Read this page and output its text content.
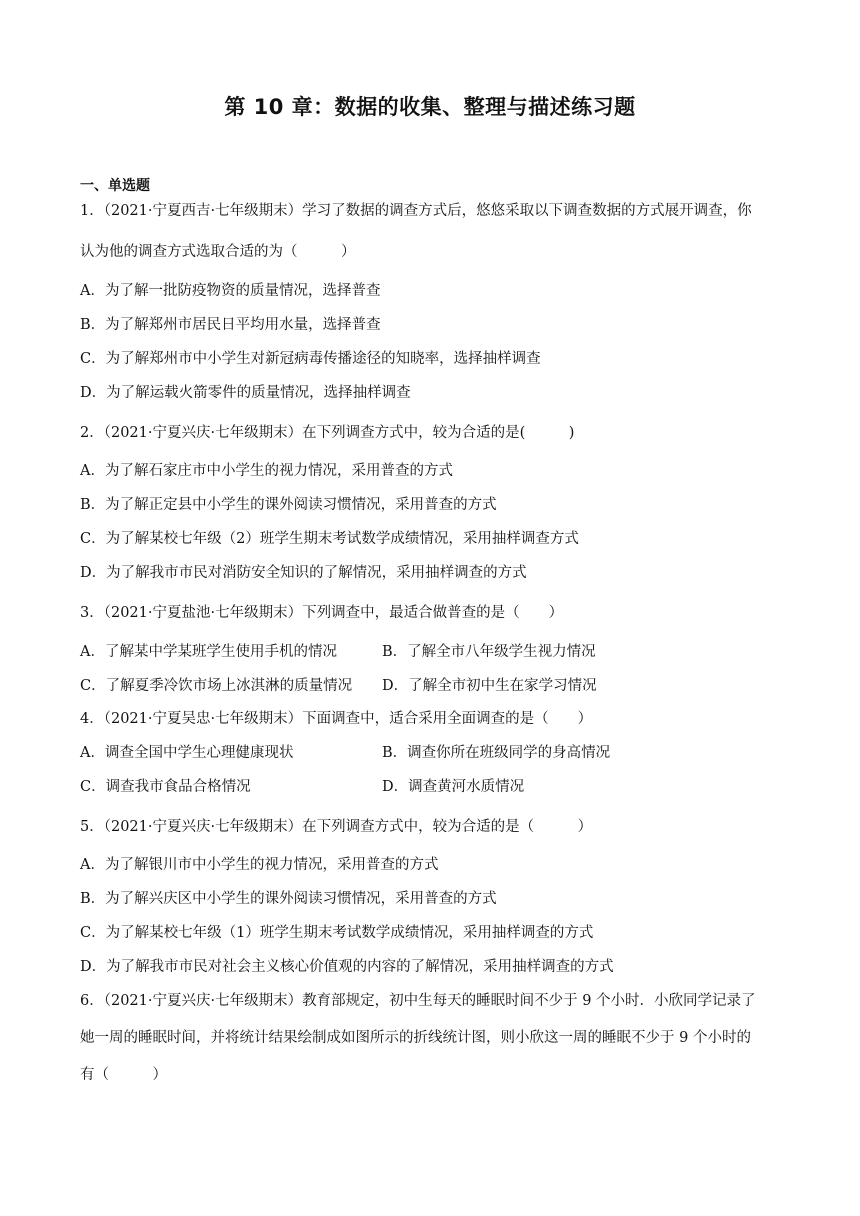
第 10 章：数据的收集、整理与描述练习题
一、单选题
1．（2021·宁夏西吉·七年级期末）学习了数据的调查方式后，悠悠采取以下调查数据的方式展开调查，你
认为他的调查方式选取合适的为（　　　）
A．为了解一批防疫物资的质量情况，选择普查
B．为了解郑州市居民日平均用水量，选择普查
C．为了解郑州市中小学生对新冠病毒传播途径的知晓率，选择抽样调查
D．为了解运载火箭零件的质量情况，选择抽样调查
2．（2021·宁夏兴庆·七年级期末）在下列调查方式中，较为合适的是(　　　)
A．为了解石家庄市中小学生的视力情况，采用普查的方式
B．为了解正定县中小学生的课外阅读习惯情况，采用普查的方式
C．为了解某校七年级（2）班学生期末考试数学成绩情况，采用抽样调查方式
D．为了解我市市民对消防安全知识的了解情况，采用抽样调查的方式
3．（2021·宁夏盐池·七年级期末）下列调查中，最适合做普查的是（　　）
A．了解某中学某班学生使用手机的情况	B．了解全市八年级学生视力情况
C．了解夏季冷饮市场上冰淇淋的质量情况 D．了解全市初中生在家学习情况
4．（2021·宁夏吴忠·七年级期末）下面调查中，适合采用全面调查的是（　　）
A．调查全国中学生心理健康现状	B．调查你所在班级同学的身高情况
C．调查我市食品合格情况	D．调查黄河水质情况
5．（2021·宁夏兴庆·七年级期末）在下列调查方式中，较为合适的是（　　　）
A．为了解银川市中小学生的视力情况，采用普查的方式
B．为了解兴庆区中小学生的课外阅读习惯情况，采用普查的方式
C．为了解某校七年级（1）班学生期末考试数学成绩情况，采用抽样调查的方式
D．为了解我市市民对社会主义核心价值观的内容的了解情况，采用抽样调查的方式
6．（2021·宁夏兴庆·七年级期末）教育部规定，初中生每天的睡眠时间不少于 9 个小时．小欣同学记录了
她一周的睡眠时间，并将统计结果绘制成如图所示的折线统计图，则小欣这一周的睡眠不少于 9 个小时的
有（　　　）
